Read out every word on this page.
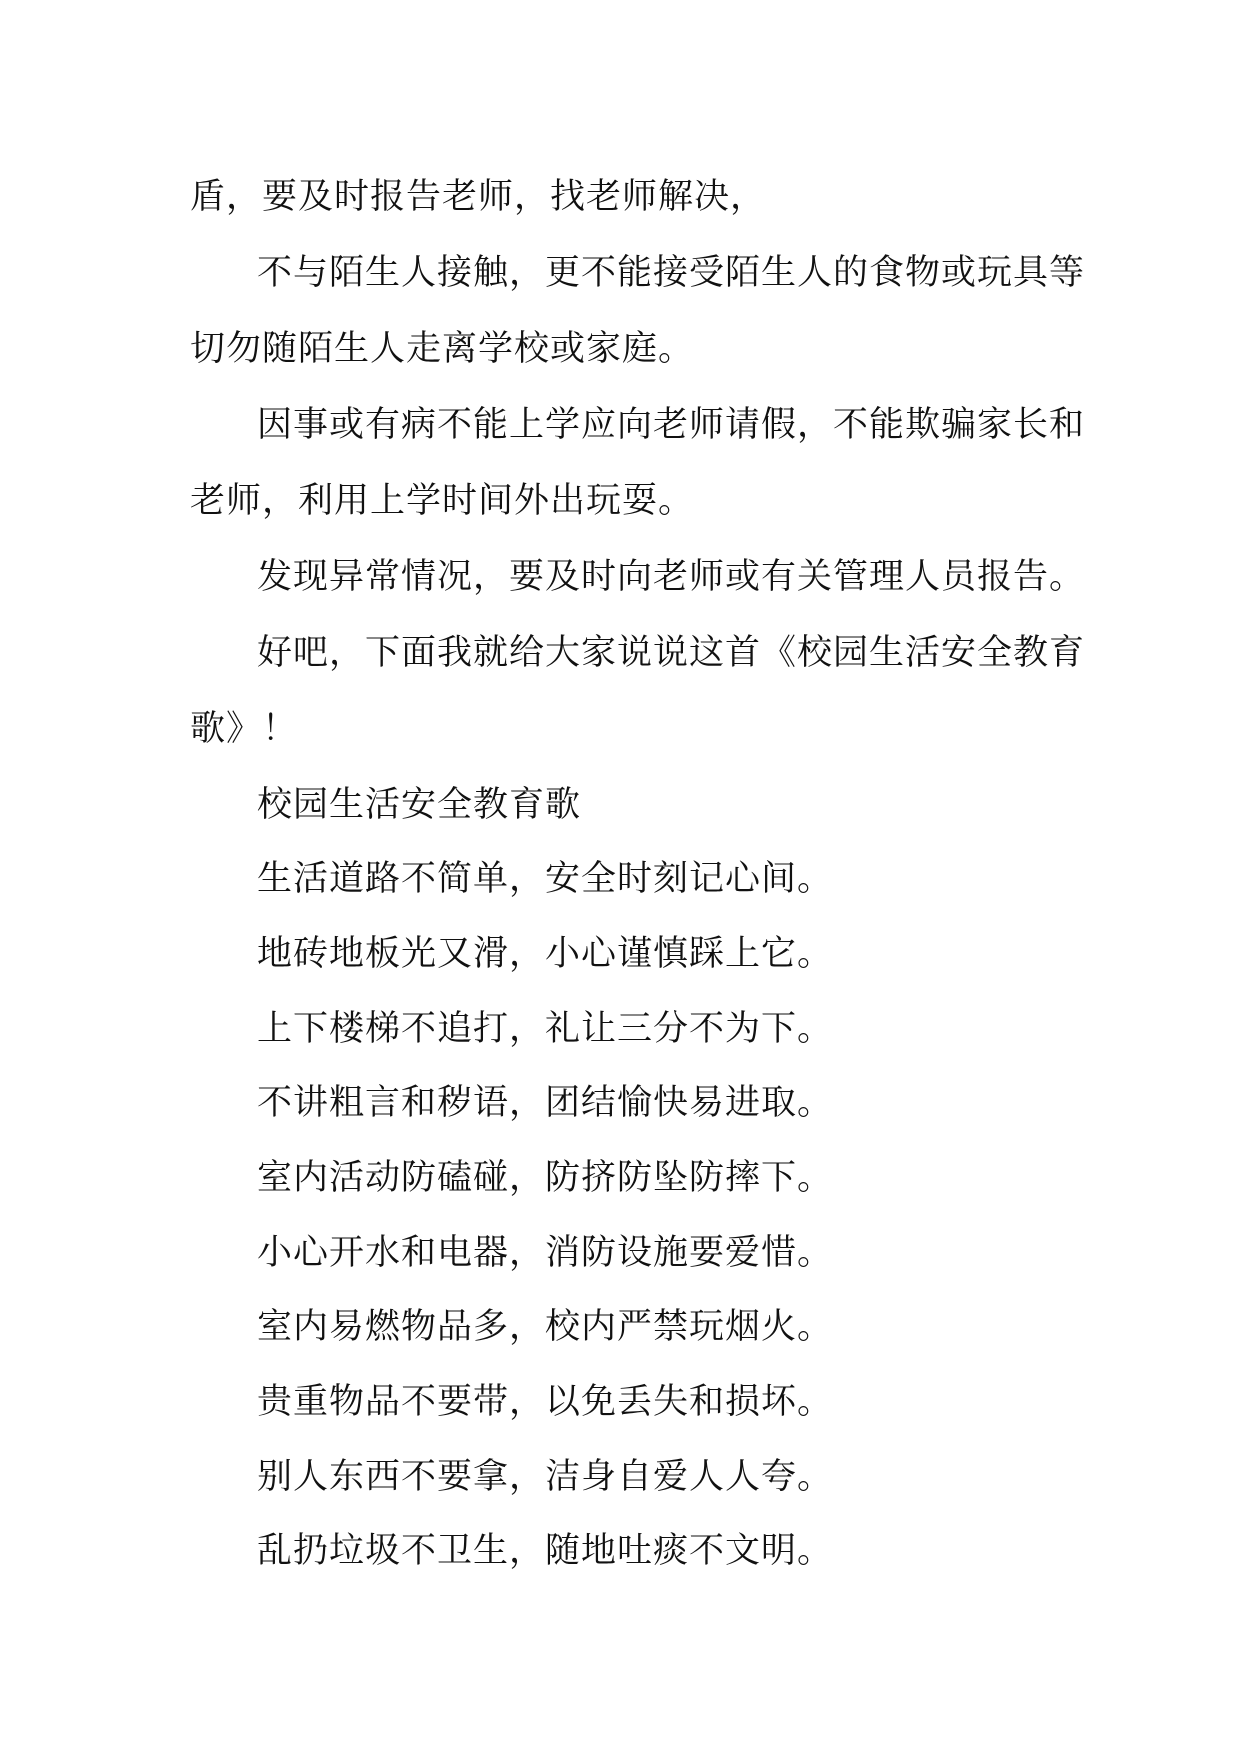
盾，要及时报告老师，找老师解决，
不与陌生人接触，更不能接受陌生人的食物或玩具等
切勿随陌生人走离学校或家庭。
因事或有病不能上学应向老师请假，不能欺骗家长和
老师，利用上学时间外出玩耍。
发现异常情况，要及时向老师或有关管理人员报告。
好吧，下面我就给大家说说这首《校园生活安全教育
歌》！
校园生活安全教育歌
生活道路不简单，安全时刻记心间。
地砖地板光又滑，小心谨慎踩上它。
上下楼梯不追打，礼让三分不为下。
不讲粗言和秽语，团结愉快易进取。
室内活动防磕碰，防挤防坠防摔下。
小心开水和电器，消防设施要爱惜。
室内易燃物品多，校内严禁玩烟火。
贵重物品不要带，以免丢失和损坏。
别人东西不要拿，洁身自爱人人夸。
乱扔垃圾不卫生，随地吐痰不文明。
